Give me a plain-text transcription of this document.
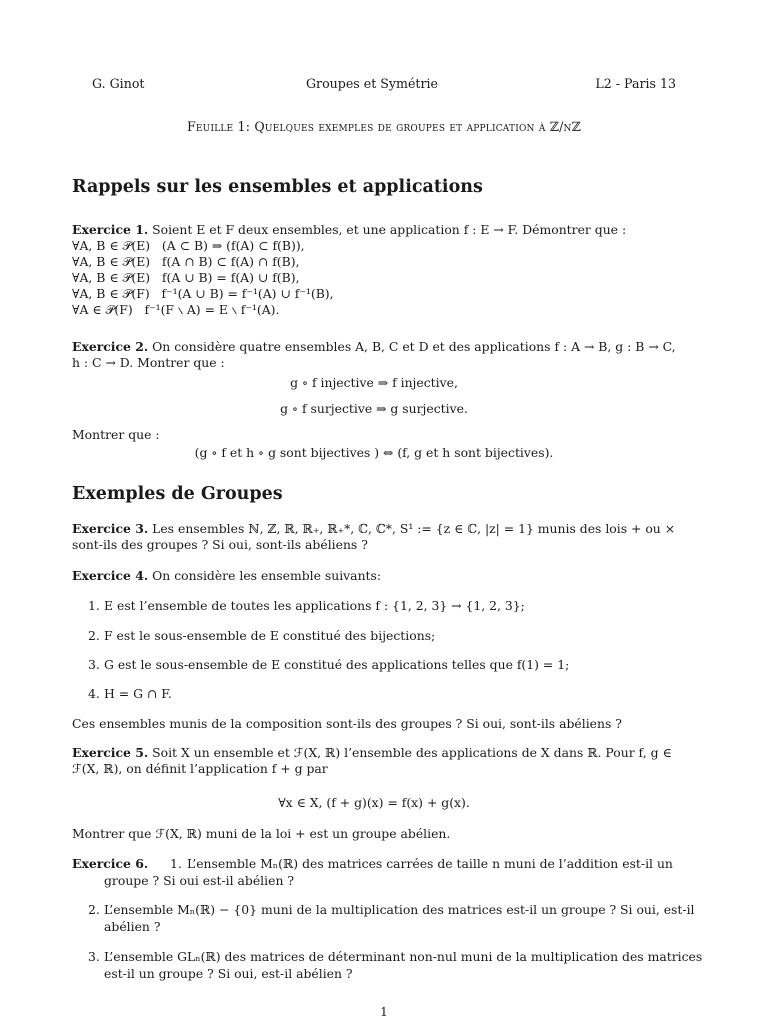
G. Ginot	Groupes et Symétrie	L2 - Paris 13
Feuille 1: Quelques exemples de groupes et application à ℤ/nℤ
Rappels sur les ensembles et applications
Exercice 1. Soient E et F deux ensembles, et une application f : E → F. Démontrer que :
∀A, B ∈ 𝒫(E)   (A ⊂ B) ⇒ (f(A) ⊂ f(B)),
∀A, B ∈ 𝒫(E)   f(A ∩ B) ⊂ f(A) ∩ f(B),
∀A, B ∈ 𝒫(E)   f(A ∪ B) = f(A) ∪ f(B),
∀A, B ∈ 𝒫(F)   f⁻¹(A ∪ B) = f⁻¹(A) ∪ f⁻¹(B),
∀A ∈ 𝒫(F)   f⁻¹(F ∖ A) = E ∖ f⁻¹(A).
Exercice 2. On considère quatre ensembles A, B, C et D et des applications f : A → B, g : B → C,
h : C → D. Montrer que :
g ∘ f injective ⇒ f injective,
g ∘ f surjective ⇒ g surjective.
Montrer que :
(g ∘ f et h ∘ g sont bijectives ) ⇔ (f, g et h sont bijectives).
Exemples de Groupes
Exercice 3. Les ensembles ℕ, ℤ, ℝ, ℝ₊, ℝ₊*, ℂ, ℂ*, S¹ := {z ∈ ℂ, |z| = 1} munis des lois + ou ×
sont-ils des groupes ? Si oui, sont-ils abéliens ?
Exercice 4. On considère les ensemble suivants:
1. E est l’ensemble de toutes les applications f : {1, 2, 3} → {1, 2, 3};
2. F est le sous-ensemble de E constitué des bijections;
3. G est le sous-ensemble de E constitué des applications telles que f(1) = 1;
4. H = G ∩ F.
Ces ensembles munis de la composition sont-ils des groupes ? Si oui, sont-ils abéliens ?
Exercice 5. Soit X un ensemble et ℱ(X, ℝ) l’ensemble des applications de X dans ℝ. Pour f, g ∈
ℱ(X, ℝ), on définit l’application f + g par
∀x ∈ X, (f + g)(x) = f(x) + g(x).
Montrer que ℱ(X, ℝ) muni de la loi + est un groupe abélien.
Exercice 6. 1. L’ensemble Mₙ(ℝ) des matrices carrées de taille n muni de l’addition est-il un
groupe ? Si oui est-il abélien ?
2. L’ensemble Mₙ(ℝ) − {0} muni de la multiplication des matrices est-il un groupe ? Si oui, est-il
abélien ?
3. L’ensemble GLₙ(ℝ) des matrices de déterminant non-nul muni de la multiplication des matrices
est-il un groupe ? Si oui, est-il abélien ?
1
